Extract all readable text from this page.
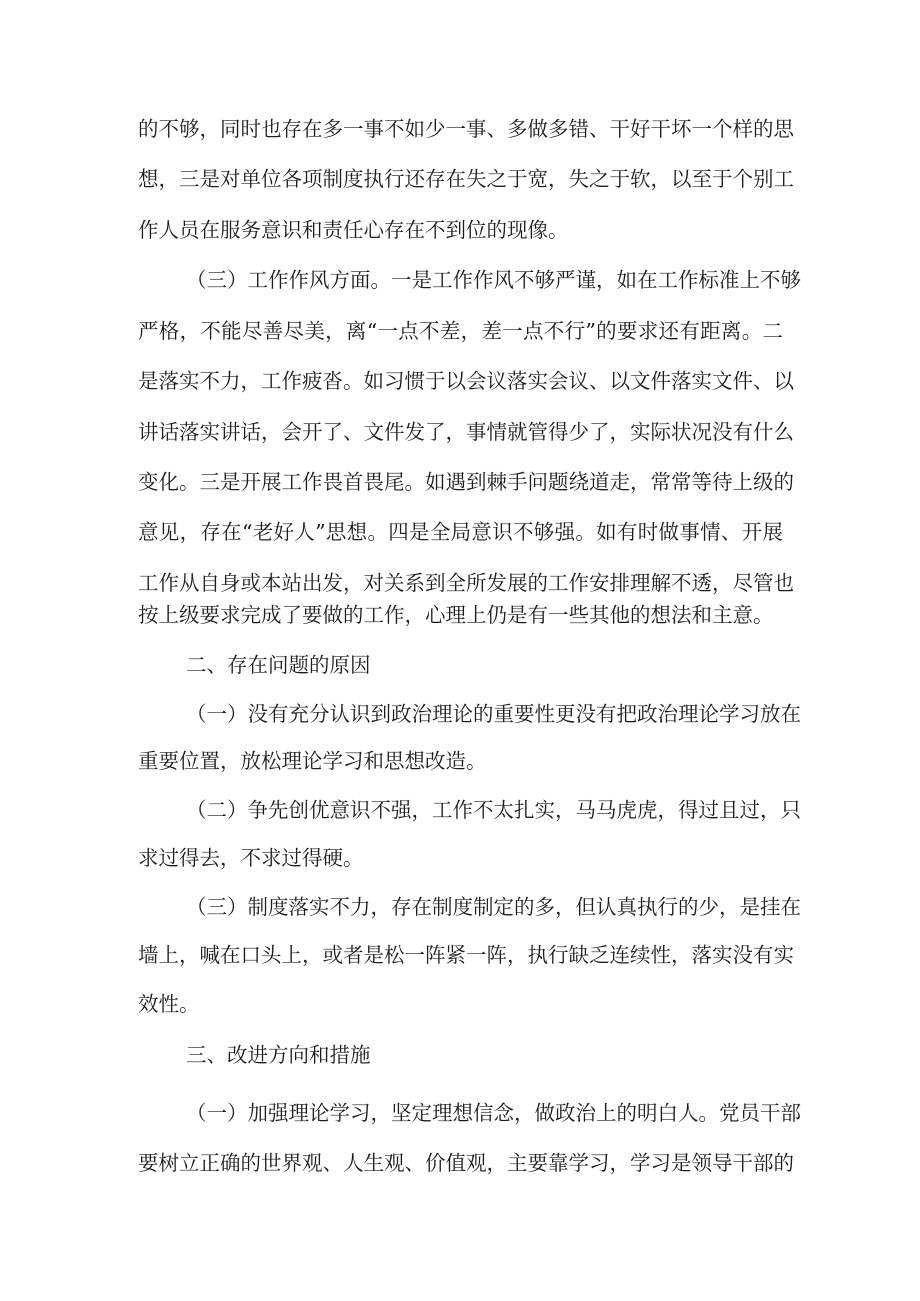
的不够，同时也存在多一事不如少一事、多做多错、干好干坏一个样的思
想，三是对单位各项制度执行还存在失之于宽，失之于软，以至于个别工
作人员在服务意识和责任心存在不到位的现像。
（三）工作作风方面。一是工作作风不够严谨，如在工作标准上不够
严格，不能尽善尽美，离“一点不差，差一点不行”的要求还有距离。二
是落实不力，工作疲沓。如习惯于以会议落实会议、以文件落实文件、以
讲话落实讲话，会开了、文件发了，事情就管得少了，实际状况没有什么
变化。三是开展工作畏首畏尾。如遇到棘手问题绕道走，常常等待上级的
意见，存在“老好人”思想。四是全局意识不够强。如有时做事情、开展
工作从自身或本站出发，对关系到全所发展的工作安排理解不透，尽管也
按上级要求完成了要做的工作，心理上仍是有一些其他的想法和主意。
二、存在问题的原因
（一）没有充分认识到政治理论的重要性更没有把政治理论学习放在
重要位置，放松理论学习和思想改造。
（二）争先创优意识不强，工作不太扎实，马马虎虎，得过且过，只
求过得去，不求过得硬。
（三）制度落实不力，存在制度制定的多，但认真执行的少，是挂在
墙上，喊在口头上，或者是松一阵紧一阵，执行缺乏连续性，落实没有实
效性。
三、改进方向和措施
（一）加强理论学习，坚定理想信念，做政治上的明白人。党员干部
要树立正确的世界观、人生观、价值观，主要靠学习，学习是领导干部的
